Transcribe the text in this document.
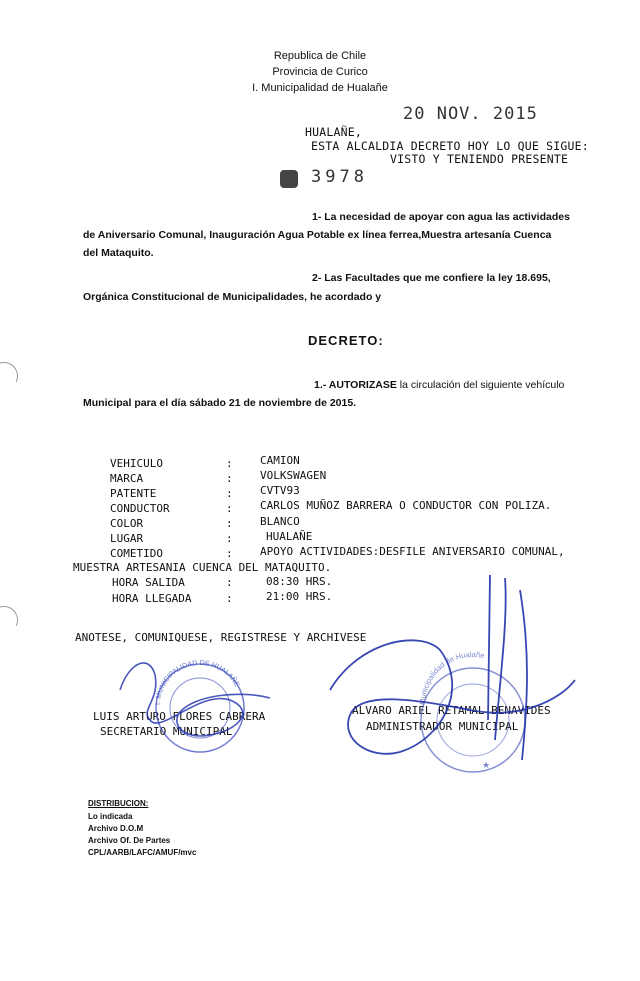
Republica de Chile
Provincia de Curico
I. Municipalidad de Hualañe
20 NOV. 2015
HUALAÑE,
ESTA ALCALDIA DECRETO HOY LO QUE SIGUE:
VISTO Y TENIENDO PRESENTE
3978
1- La necesidad de apoyar con agua las actividades
de Aniversario Comunal, Inauguración Agua Potable ex línea ferrea,Muestra artesanía Cuenca
del Mataquito.
2- Las Facultades que me confiere la ley 18.695,
Orgánica Constitucional de Municipalidades, he acordado y
DECRETO:
1.- AUTORIZASE la circulación del siguiente vehículo
Municipal para el día sábado 21 de noviembre de 2015.
VEHICULO	: CAMION
MARCA	: VOLKSWAGEN
PATENTE	: CVTV93
CONDUCTOR	: CARLOS MUÑOZ BARRERA O CONDUCTOR CON POLIZA.
COLOR	: BLANCO
LUGAR	:	HUALAÑE
COMETIDO	: APOYO ACTIVIDADES:DESFILE ANIVERSARIO COMUNAL,
MUESTRA ARTESANIA CUENCA DEL MATAQUITO.
HORA SALIDA	:	08:30 HRS.
HORA LLEGADA	:	21:00 HRS.
ANOTESE, COMUNIQUESE, REGISTRESE Y ARCHIVESE
LUIS ARTURO FLORES CABRERA
SECRETARIO MUNICIPAL
ALVARO ARIEL RETAMAL BENAVIDES
ADMINISTRADOR MUNICIPAL
I. MUNICIPALIDAD DE HUALAÑE
Municipalidad de Hualañe
★
DISTRIBUCION:
Lo indicada
Archivo D.O.M
Archivo Of. De Partes
CPL/AARB/LAFC/AMUF/mvc
